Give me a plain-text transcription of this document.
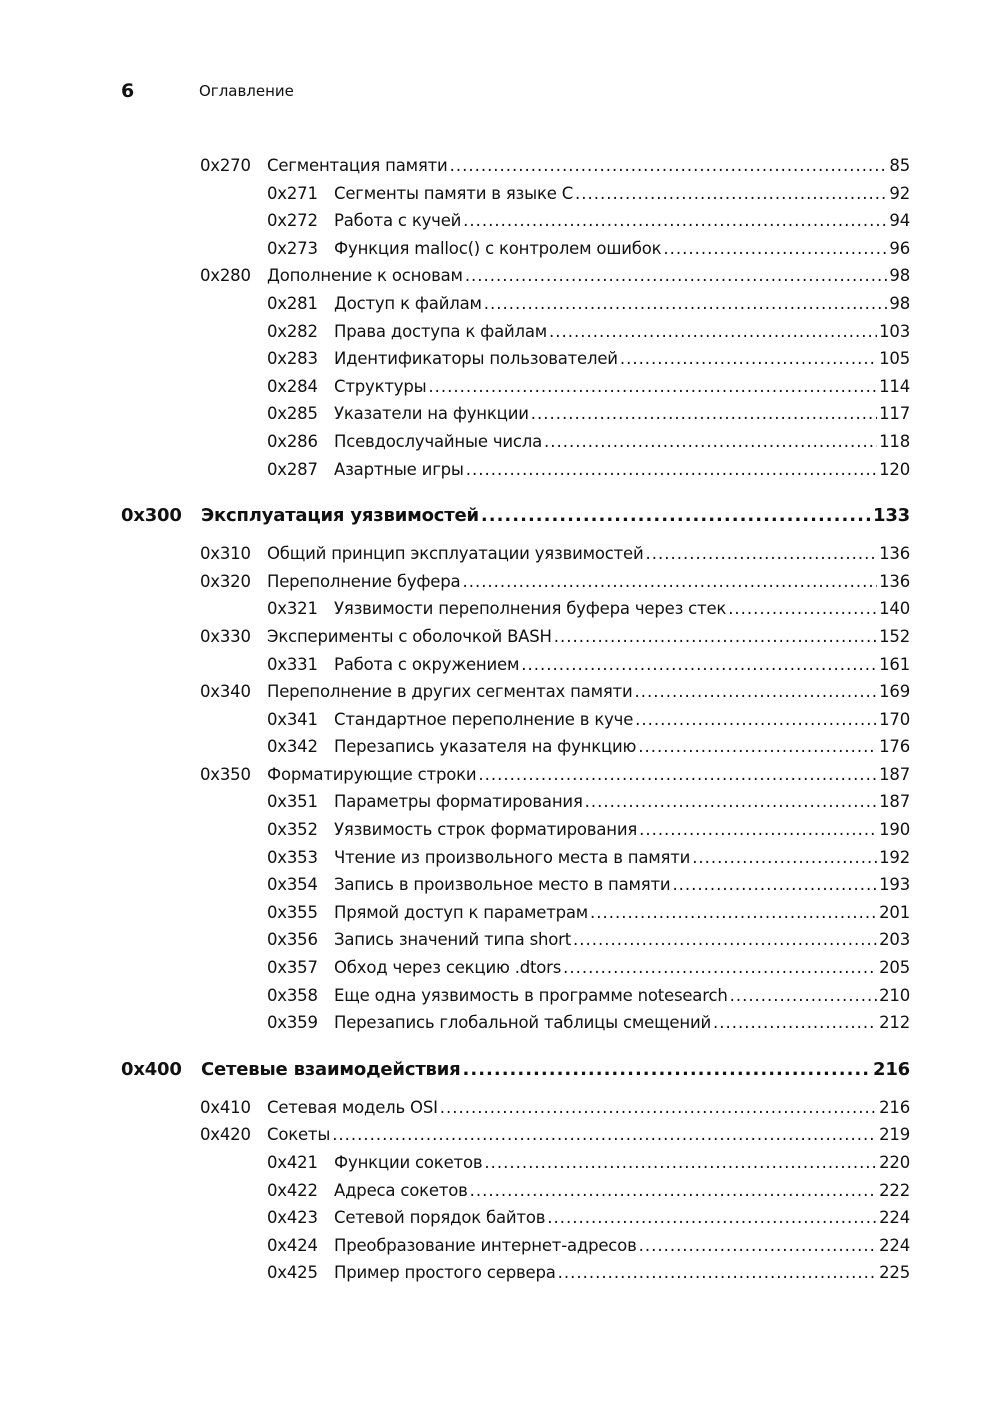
6	Оглавление
0x270 Сегментация памяти .....	85
0x271 Сегменты памяти в языке С .....	92
0x272 Работа с кучей .....	94
0x273 Функция malloc() с контролем ошибок .....	96
0x280 Дополнение к основам .....	98
0x281 Доступ к файлам .....	98
0x282 Права доступа к файлам .....	103
0x283 Идентификаторы пользователей .....	105
0x284 Структуры .....	114
0x285 Указатели на функции .....	117
0x286 Псевдослучайные числа .....	118
0x287 Азартные игры .....	120
0x300	Эксплуатация уязвимостей .....	133
0x310 Общий принцип эксплуатации уязвимостей .....	136
0x320 Переполнение буфера .....	136
0x321 Уязвимости переполнения буфера через стек .....	140
0x330 Эксперименты с оболочкой BASH .....	152
0x331 Работа с окружением .....	161
0x340 Переполнение в других сегментах памяти .....	169
0x341 Стандартное переполнение в куче .....	170
0x342 Перезапись указателя на функцию .....	176
0x350 Форматирующие строки .....	187
0x351 Параметры форматирования .....	187
0x352 Уязвимость строк форматирования .....	190
0x353 Чтение из произвольного места в памяти .....	192
0x354 Запись в произвольное место в памяти .....	193
0x355 Прямой доступ к параметрам .....	201
0x356 Запись значений типа short .....	203
0x357 Обход через секцию .dtors .....	205
0x358 Еще одна уязвимость в программе notesearch .....	210
0x359 Перезапись глобальной таблицы смещений .....	212
0x400	Сетевые взаимодействия .....	216
0x410 Сетевая модель OSI .....	216
0x420 Сокеты .....	219
0x421 Функции сокетов .....	220
0x422 Адреса сокетов .....	222
0x423 Сетевой порядок байтов .....	224
0x424 Преобразование интернет-адресов .....	224
0x425 Пример простого сервера .....	225
